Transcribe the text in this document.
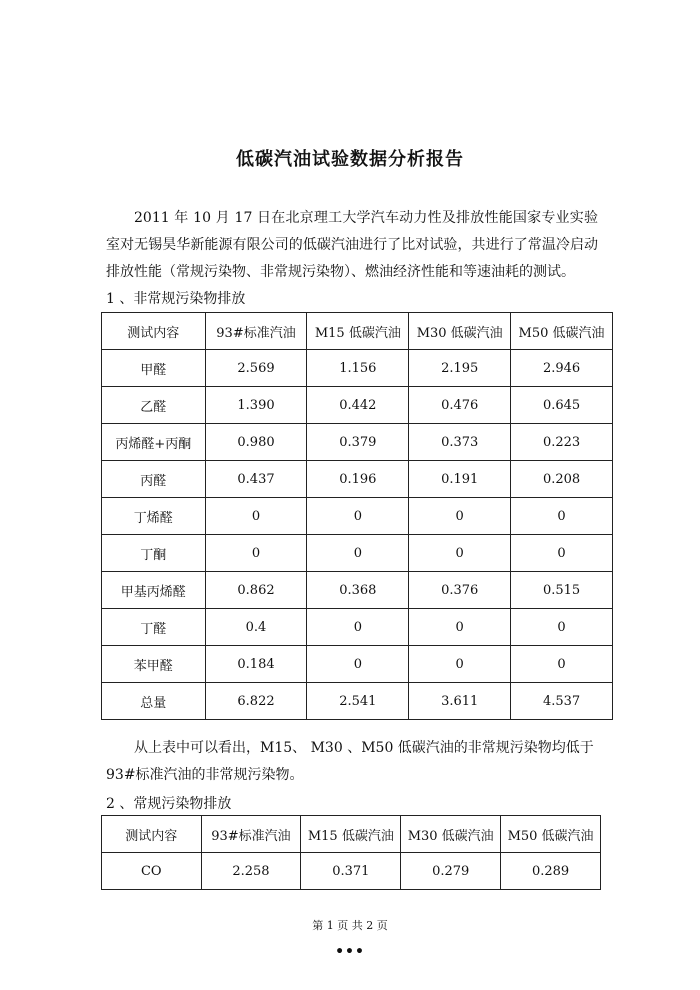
低碳汽油试验数据分析报告

2011 年 10 月 17 日在北京理工大学汽车动力性及排放性能国家专业实验室对无锡昊华新能源有限公司的低碳汽油进行了比对试验，共进行了常温冷启动排放性能（常规污染物、非常规污染物）、燃油经济性能和等速油耗的测试。

1 、非常规污染物排放
测试内容	93#标准汽油	M15 低碳汽油	M30 低碳汽油	M50 低碳汽油
甲醛	2.569	1.156	2.195	2.946
乙醛	1.390	0.442	0.476	0.645
丙烯醛+丙酮	0.980	0.379	0.373	0.223
丙醛	0.437	0.196	0.191	0.208
丁烯醛	0	0	0	0
丁酮	0	0	0	0
甲基丙烯醛	0.862	0.368	0.376	0.515
丁醛	0.4	0	0	0
苯甲醛	0.184	0	0	0
总量	6.822	2.541	3.611	4.537

从上表中可以看出，M15、 M30 、M50 低碳汽油的非常规污染物均低于 93#标准汽油的非常规污染物。

2 、常规污染物排放
测试内容	93#标准汽油	M15 低碳汽油	M30 低碳汽油	M50 低碳汽油
CO	2.258	0.371	0.279	0.289
第 1 页 共 2 页
•••
